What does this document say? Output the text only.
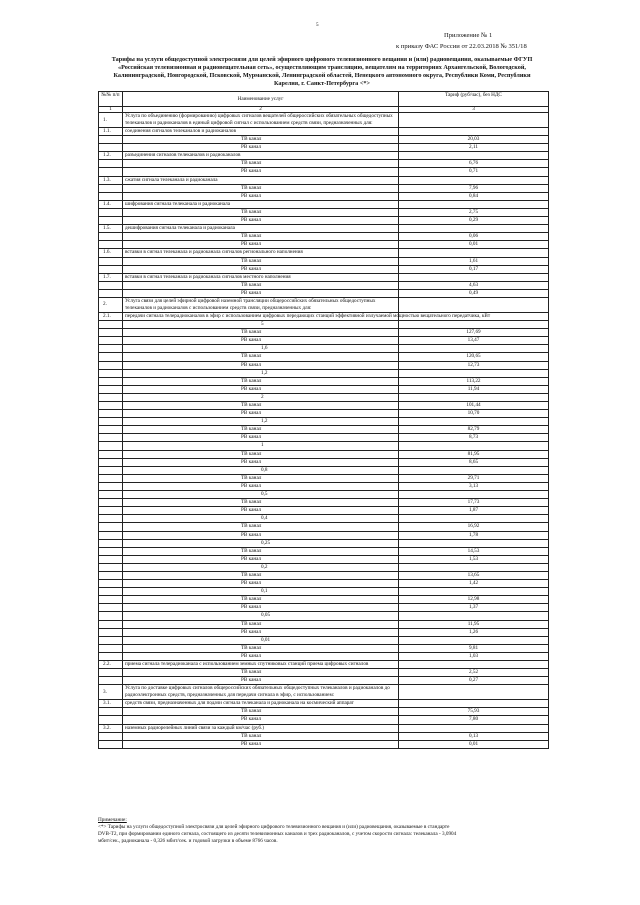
5
Приложение № 1
к приказу ФАС России от 22.03.2018 № 351/18
Тарифы на услуги общедоступной электросвязи для целей эфирного цифрового телевизионного вещания и (или) радиовещания, оказываемые ФГУП
«Российская телевизионная и радиовещательная сеть», осуществляющим трансляцию, вещателям на территориях Архангельской, Вологодской,
Калининградской, Новгородской, Псковской, Мурманской, Ленинградской областей, Ненецкого автономного округа, Республики Коми, Республики
Карелия, г. Санкт-Петербурга <*>
№№ п/п	Наименование услуг	Тариф (руб/час), без НДС
1	2	3
1.	Услуга по объединению (формированию) цифровых сигналов вещателей общероссийских обязательных общедоступных телеканалов и радиоканалов в единый цифровой сигнал с использованием средств связи, предназначенных для:	
1.1.	соединения сигналов телеканалов и радиоканалов	
	ТВ канал	20,03
	РВ канал	2,11
1.2.	разъединения сигналов телеканалов и радиоканалов	
	ТВ канал	6,76
	РВ канал	0,71
1.3.	сжатия сигнала телеканала и радиоканала	
	ТВ канал	7,96
	РВ канал	0,84
1.4.	шифрования сигнала телеканала и радиоканала	
	ТВ канал	2,75
	РВ канал	0,29
1.5.	дешифрования сигнала телеканала и радиоканала	
	ТВ канал	0,06
	РВ канал	0,01
1.6.	вставки в сигнал телеканала и радиоканала сигналов регионального наполнения	
	ТВ канал	1,61
	РВ канал	0,17
1.7.	вставки в сигнал телеканала и радиоканала сигналов местного наполнения	
	ТВ канал	4,63
	РВ канал	0,49
2.	Услуга связи для целей эфирной цифровой наземной трансляции общероссийских обязательных общедоступных телеканалов и радиоканалов с использованием средств связи, предназначенных для:	
2.1.	передачи сигнала телерадиоканалов в эфир с использованием цифровых передающих станций эффективной излучаемой мощностью вещательного передатчика, кВт	
	5	
	ТВ канал	127,69
	РВ канал	13,47
	1,6	
	ТВ канал	120,65
	РВ канал	12,73
	1,2	
	ТВ канал	113,22
	РВ канал	11,94
	2	
	ТВ канал	101,44
	РВ канал	10,70
	1,2	
	ТВ канал	82,79
	РВ канал	8,73
	1	
	ТВ канал	81,95
	РВ канал	8,65
	0,8	
	ТВ канал	29,71
	РВ канал	3,13
	0,5	
	ТВ канал	17,73
	РВ канал	1,87
	0,4	
	ТВ канал	16,92
	РВ канал	1,78
	0,25	
	ТВ канал	14,53
	РВ канал	1,53
	0,2	
	ТВ канал	13,65
	РВ канал	1,42
	0,1	
	ТВ канал	12,98
	РВ канал	1,37
	0,05	
	ТВ канал	11,95
	РВ канал	1,26
	0,01	
	ТВ канал	9,81
	РВ канал	1,03
2.2.	приема сигнала телерадиоканала с использованием земных спутниковых станций приема цифровых сигналов	
	ТВ канал	2,52
	РВ канал	0,27
3.	Услуга по доставке цифровых сигналов общероссийских обязательных общедоступных телеканалов и радиоканалов до радиоэлектронных средств, предназначенных для передачи сигнала в эфир, с использованием:	
3.1.	средств связи, предназначенных для подачи сигнала телеканала и радиоканала на космический аппарат	
	ТВ канал	75,93
	РВ канал	7,80
3.2.	наземных радиорелейных линий связи за каждый км/час (руб.)	
	ТВ канал	0,13
	РВ канал	0,01
Примечание:
<*> Тарифы на услуги общедоступной электросвязи для целей эфирного цифрового телевизионного вещания и (или) радиовещания, оказываемые в стандарте
DVB-T2, при формировании единого сигнала, состоящего из десяти телевизионных каналов и трех радиоканалов, с учетом скорости сигнала: телеканала - 3,0904
мбит/сек., радиоканала - 0,326 мбит/сек. и годовой загрузки в объеме 8766 часов.
